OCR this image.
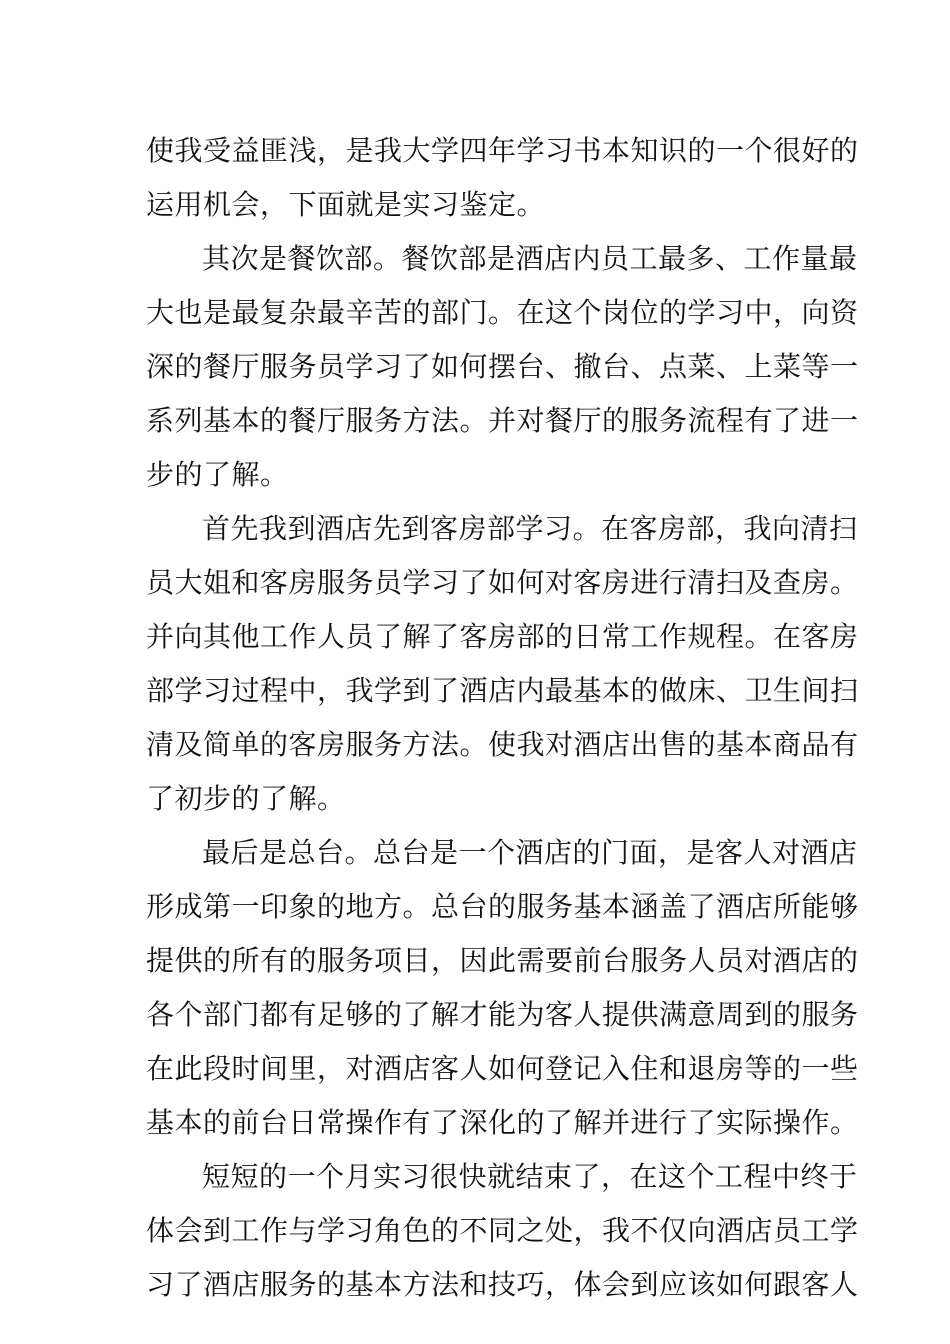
使我受益匪浅，是我大学四年学习书本知识的一个很好的
运用机会，下面就是实习鉴定。
其次是餐饮部。餐饮部是酒店内员工最多、工作量最
大也是最复杂最辛苦的部门。在这个岗位的学习中，向资
深的餐厅服务员学习了如何摆台、撤台、点菜、上菜等一
系列基本的餐厅服务方法。并对餐厅的服务流程有了进一
步的了解。
首先我到酒店先到客房部学习。在客房部，我向清扫
员大姐和客房服务员学习了如何对客房进行清扫及查房。
并向其他工作人员了解了客房部的日常工作规程。在客房
部学习过程中，我学到了酒店内最基本的做床、卫生间扫
清及简单的客房服务方法。使我对酒店出售的基本商品有
了初步的了解。
最后是总台。总台是一个酒店的门面，是客人对酒店
形成第一印象的地方。总台的服务基本涵盖了酒店所能够
提供的所有的服务项目，因此需要前台服务人员对酒店的
各个部门都有足够的了解才能为客人提供满意周到的服务
在此段时间里，对酒店客人如何登记入住和退房等的一些
基本的前台日常操作有了深化的了解并进行了实际操作。
短短的一个月实习很快就结束了，在这个工程中终于
体会到工作与学习角色的不同之处，我不仅向酒店员工学
习了酒店服务的基本方法和技巧，体会到应该如何跟客人
